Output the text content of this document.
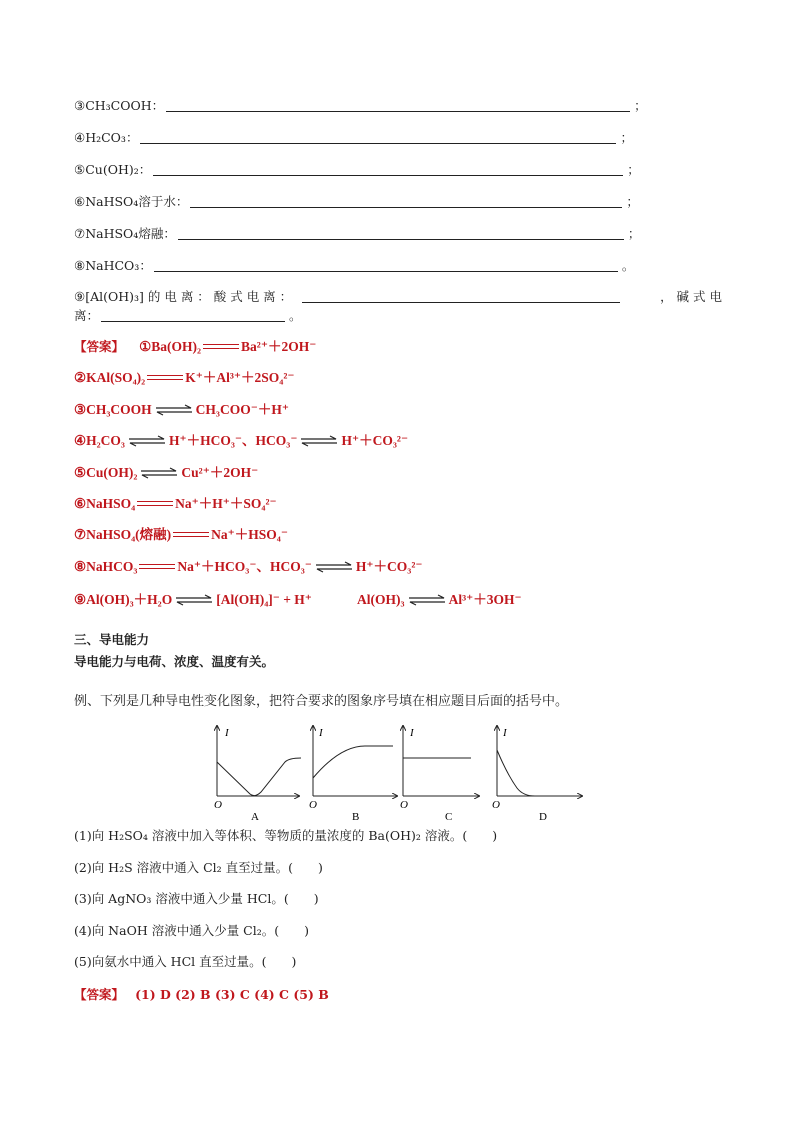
③CH₃COOH：	；
④H₂CO₃：	；
⑤Cu(OH)₂：	；
⑥NaHSO₄溶于水：	；
⑦NaHSO₄熔融：	；
⑧NaHCO₃：	。
⑨[Al(OH)₃] 的 电 离 ： 酸 式 电 离 ：	， 碱 式 电
离：	。
【答案】 ①Ba(OH)₂	Ba²⁺＋2OH⁻
②KAl(SO₄)₂	K⁺＋Al³⁺＋2SO₄²⁻
③CH₃COOH ⇌ CH₃COO⁻＋H⁺
④H₂CO₃ ⇌ H⁺＋HCO₃⁻、HCO₃⁻ ⇌ H⁺＋CO₃²⁻
⑤Cu(OH)₂ ⇌ Cu²⁺＋2OH⁻
⑥NaHSO₄	Na⁺＋H⁺＋SO₄²⁻
⑦NaHSO₄(熔融)	Na⁺＋HSO₄⁻
⑧NaHCO₃	Na⁺＋HCO₃⁻、HCO₃⁻ ⇌ H⁺＋CO₃²⁻
⑨Al(OH)₃＋H₂O ⇌ [Al(OH)₄]⁻ + H⁺	Al(OH)₃ ⇌ Al³⁺＋3OH⁻
三、导电能力
导电能力与电荷、浓度、温度有关。
例、下列是几种导电性变化图象，把符合要求的图象序号填在相应题目后面的括号中。
I
O
A
I
O
B
I
O
C
I
O
D
(1)向 H₂SO₄ 溶液中加入等体积、等物质的量浓度的 Ba(OH)₂ 溶液。(　　)
(2)向 H₂S 溶液中通入 Cl₂ 直至过量。(　　)
(3)向 AgNO₃ 溶液中通入少量 HCl。(　　)
(4)向 NaOH 溶液中通入少量 Cl₂。(　　)
(5)向氨水中通入 HCl 直至过量。(　　)
【答案】 (1) D (2) B (3) C (4) C (5) B
